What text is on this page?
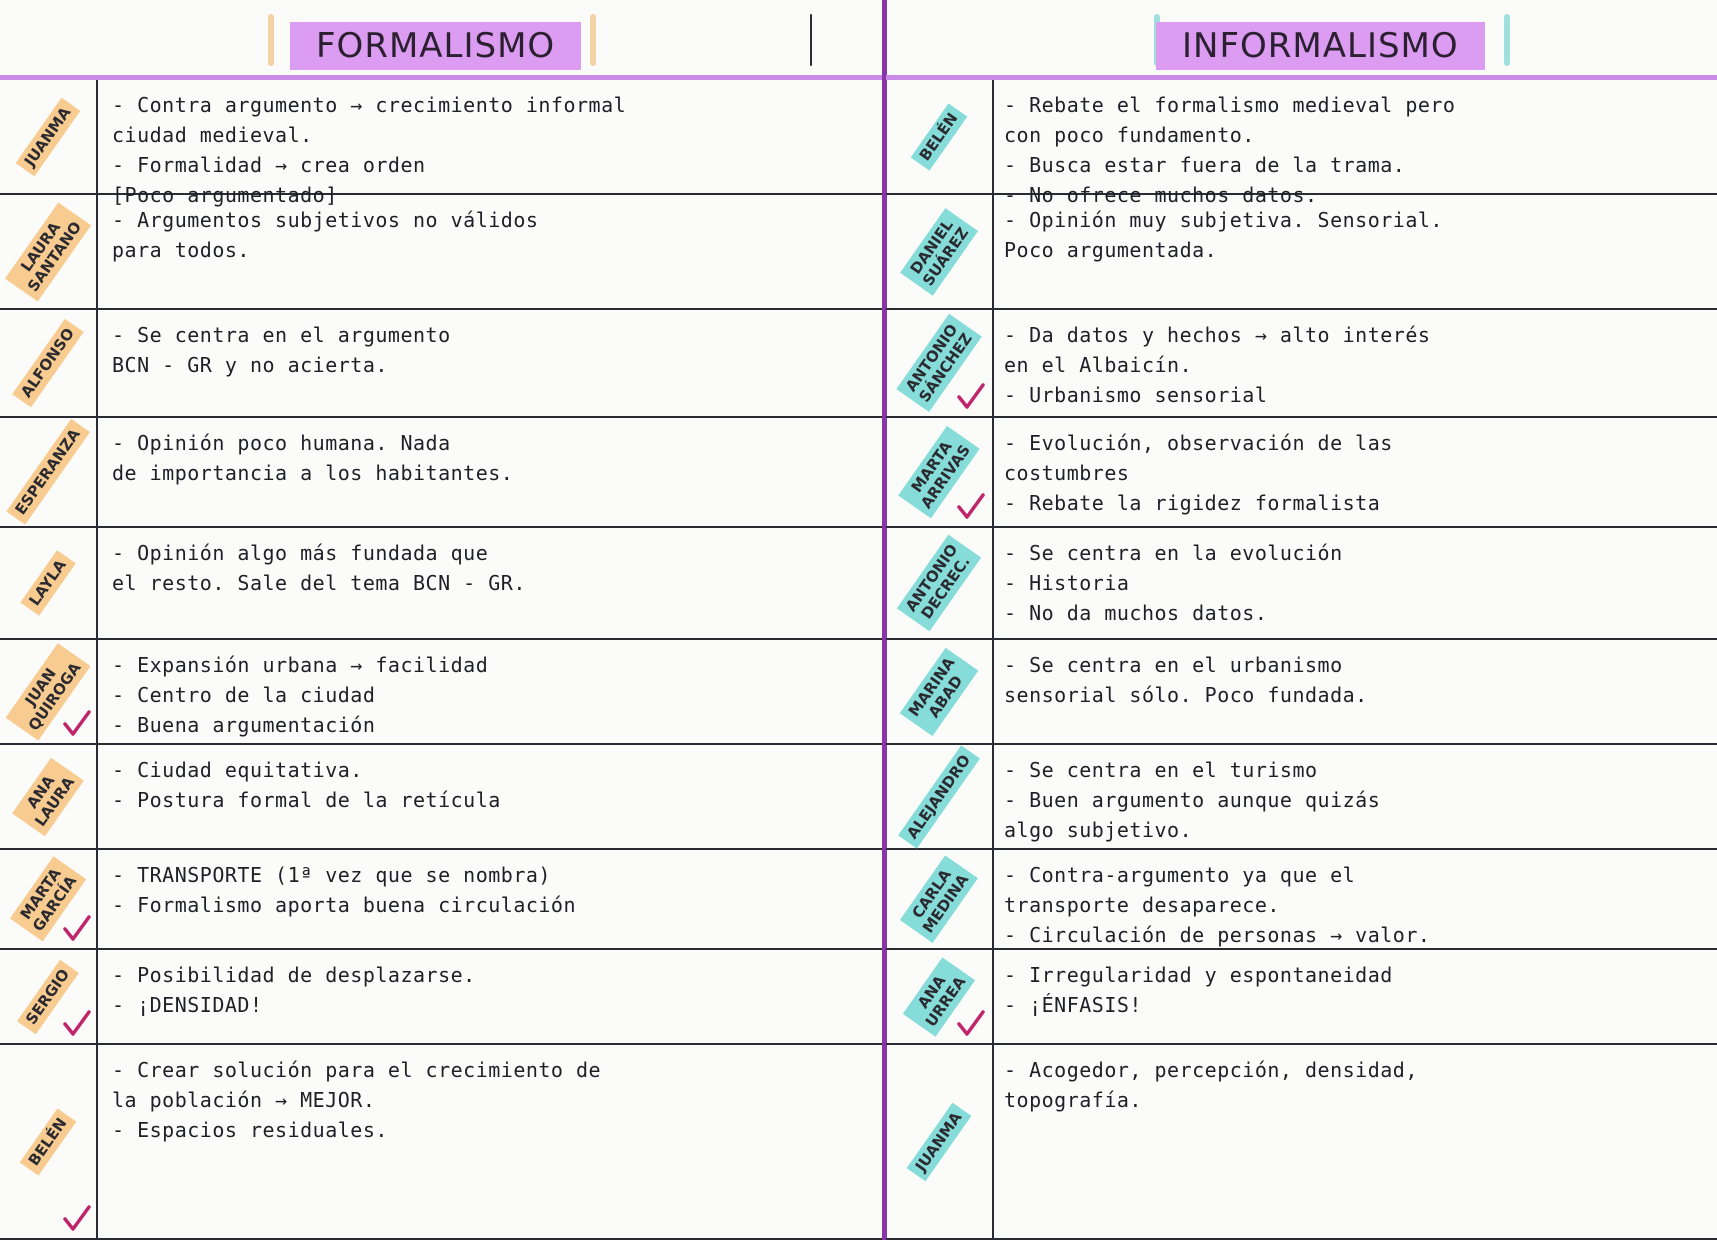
FORMALISMO
JUANMA - Contra argumento → crecimiento informal
ciudad medieval.
- Formalidad → crea orden
[Poco argumentado]
LAURA
SANTANO - Argumentos subjetivos no válidos
para todos.
ALFONSO - Se centra en el argumento
BCN - GR y no acierta.
ESPERANZA - Opinión poco humana. Nada
de importancia a los habitantes.
LAYLA
- Opinión algo más fundada que
el resto. Sale del tema BCN - GR.
JUAN
QUIROGA - Expansión urbana → facilidad
- Centro de la ciudad
- Buena argumentación
ANA
LAURA
- Ciudad equitativa.
- Postura formal de la retícula
MARTA
GARCÍA - TRANSPORTE (1ª vez que se nombra)
- Formalismo aporta buena circulación
SERGIO - Posibilidad de desplazarse.
- ¡DENSIDAD!
BELÉN
- Crear solución para el crecimiento de
la población → MEJOR.
- Espacios residuales.
INFORMALISMO
BELÉN
- Rebate el formalismo medieval pero
con poco fundamento.
- Busca estar fuera de la trama.
- No ofrece muchos datos.
DANIEL
SUÁREZ
- Opinión muy subjetiva. Sensorial.
Poco argumentada.
ANTONIO
SÁNCHEZ - Da datos y hechos → alto interés
en el Albaicín.
- Urbanismo sensorial
MARTA
ARRIVAS - Evolución, observación de las
costumbres
- Rebate la rigidez formalista
ANTONIO
DECREC.	- Se centra en la evolución
- Historia
- No da muchos datos.
MARINA
ABAD
- Se centra en el urbanismo
sensorial sólo. Poco fundada.
ALEJANDRO - Se centra en el turismo
- Buen argumento aunque quizás
algo subjetivo.
CARLA
MEDINA - Contra-argumento ya que el
transporte desaparece.
- Circulación de personas → valor.
ANA
URREA - Irregularidad y espontaneidad
- ¡ÉNFASIS!
JUANMA
- Acogedor, percepción, densidad,
topografía.
